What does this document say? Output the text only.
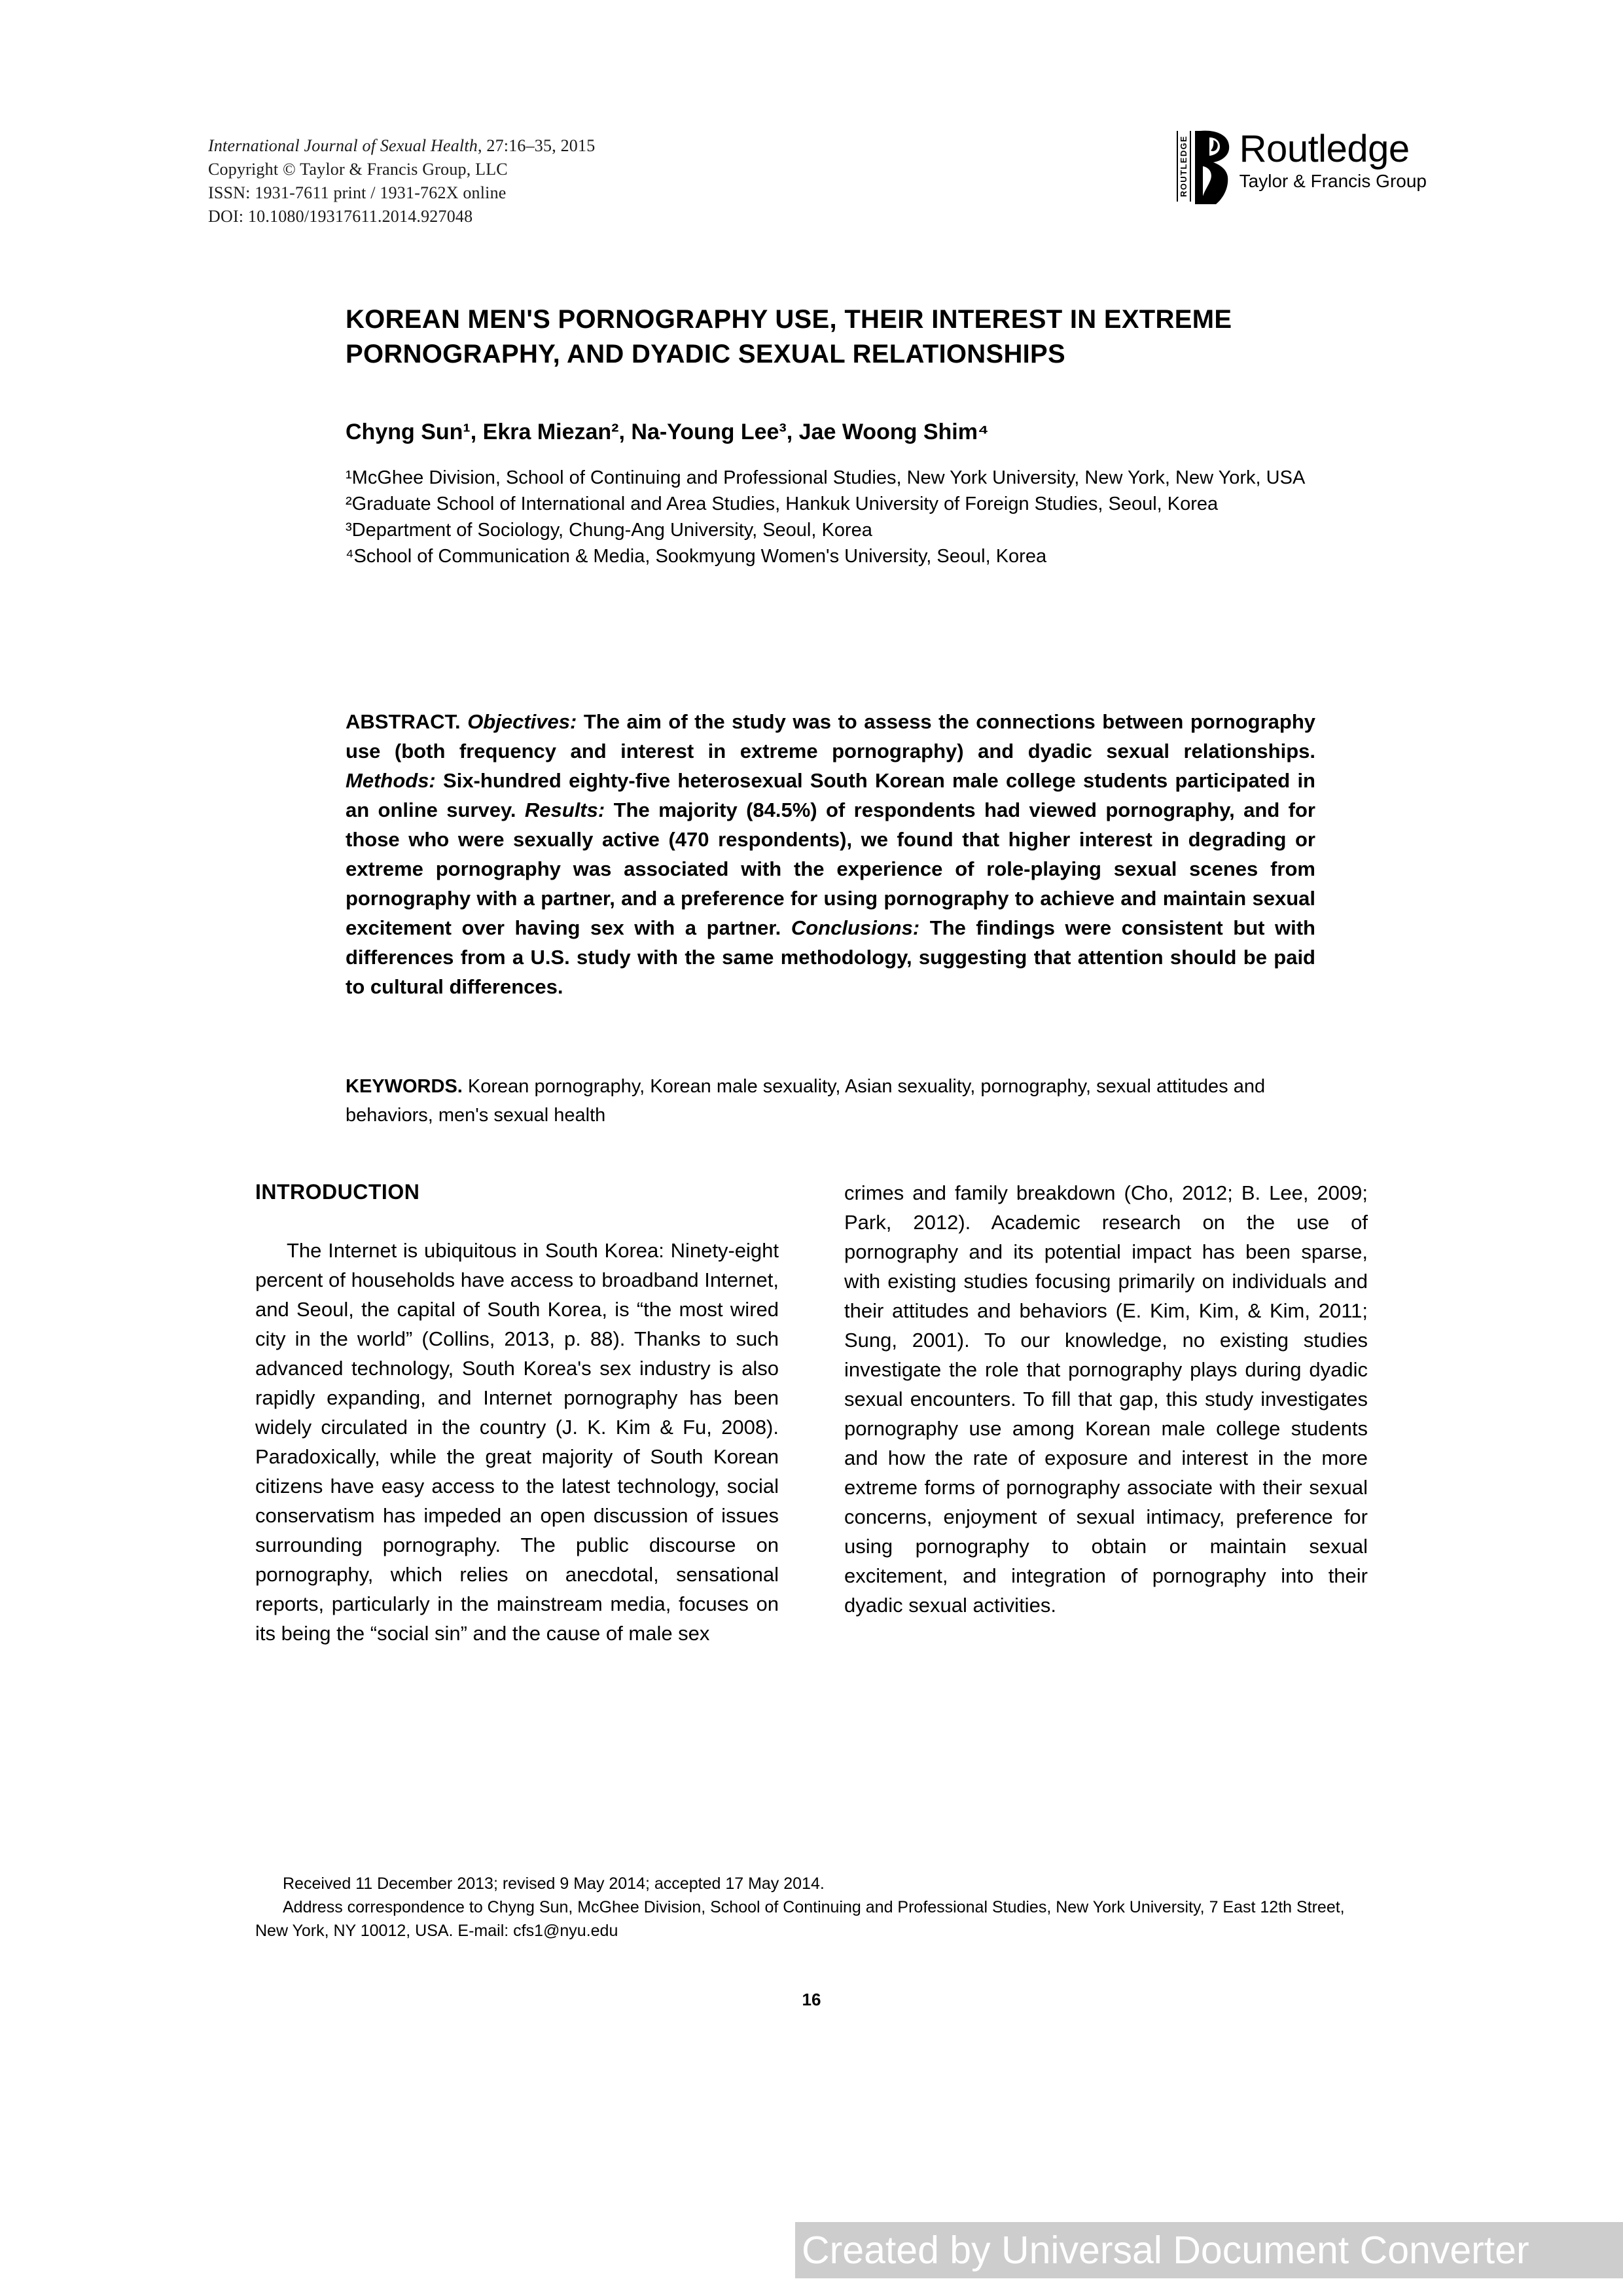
International Journal of Sexual Health, 27:16–35, 2015
Copyright © Taylor & Francis Group, LLC
ISSN: 1931-7611 print / 1931-762X online
DOI: 10.1080/19317611.2014.927048
ROUTLEDGE Routledge
Taylor & Francis Group
KOREAN MEN'S PORNOGRAPHY USE, THEIR INTEREST IN EXTREME PORNOGRAPHY, AND DYADIC SEXUAL RELATIONSHIPS
Chyng Sun¹, Ekra Miezan², Na-Young Lee³, Jae Woong Shim⁴
¹McGhee Division, School of Continuing and Professional Studies, New York University, New York, New York, USA
²Graduate School of International and Area Studies, Hankuk University of Foreign Studies, Seoul, Korea
³Department of Sociology, Chung-Ang University, Seoul, Korea
⁴School of Communication & Media, Sookmyung Women's University, Seoul, Korea
ABSTRACT. Objectives: The aim of the study was to assess the connections between pornography use (both frequency and interest in extreme pornography) and dyadic sexual relationships. Methods: Six-hundred eighty-five heterosexual South Korean male college students participated in an online survey. Results: The majority (84.5%) of respondents had viewed pornography, and for those who were sexually active (470 respondents), we found that higher interest in degrading or extreme pornography was associated with the experience of role-playing sexual scenes from pornography with a partner, and a preference for using pornography to achieve and maintain sexual excitement over having sex with a partner. Conclusions: The findings were consistent but with differences from a U.S. study with the same methodology, suggesting that attention should be paid to cultural differences.
KEYWORDS. Korean pornography, Korean male sexuality, Asian sexuality, pornography, sexual attitudes and behaviors, men's sexual health
INTRODUCTION

The Internet is ubiquitous in South Korea: Ninety-eight percent of households have access to broadband Internet, and Seoul, the capital of South Korea, is “the most wired city in the world” (Collins, 2013, p. 88). Thanks to such advanced technology, South Korea's sex industry is also rapidly expanding, and Internet pornography has been widely circulated in the country (J. K. Kim & Fu, 2008). Paradoxically, while the great majority of South Korean citizens have easy access to the latest technology, social conservatism has impeded an open discussion of issues surrounding pornography. The public discourse on pornography, which relies on anecdotal, sensational reports, particularly in the mainstream media, focuses on its being the “social sin” and the cause of male sex

crimes and family breakdown (Cho, 2012; B. Lee, 2009; Park, 2012). Academic research on the use of pornography and its potential impact has been sparse, with existing studies focusing primarily on individuals and their attitudes and behaviors (E. Kim, Kim, & Kim, 2011; Sung, 2001). To our knowledge, no existing studies investigate the role that pornography plays during dyadic sexual encounters. To fill that gap, this study investigates pornography use among Korean male college students and how the rate of exposure and interest in the more extreme forms of pornography associate with their sexual concerns, enjoyment of sexual intimacy, preference for using pornography to obtain or maintain sexual excitement, and integration of pornography into their dyadic sexual activities.

Received 11 December 2013; revised 9 May 2014; accepted 17 May 2014.

Address correspondence to Chyng Sun, McGhee Division, School of Continuing and Professional Studies, New York University, 7 East 12th Street, New York, NY 10012, USA. E-mail: cfs1@nyu.edu

16
Created by Universal Document Converter
